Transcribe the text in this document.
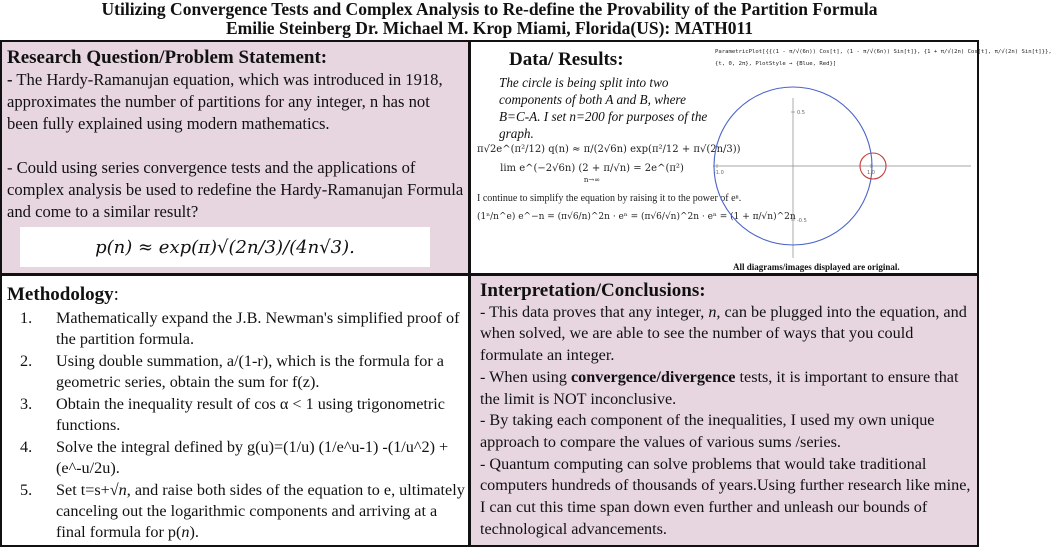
Utilizing Convergence Tests and Complex Analysis to Re-define the Provability of the Partition Formula
Emilie Steinberg Dr. Michael M. Krop Miami, Florida(US): MATH011
Research Question/Problem Statement:

- The Hardy-Ramanujan equation, which was introduced in 1918, approximates the number of partitions for any integer, n has not been fully explained using modern mathematics.

- Could using series convergence tests and the applications of complex analysis be used to redefine the Hardy-Ramanujan Formula and come to a similar result?

p(n) ≈ exp(π)√(2n/3)/(4n√3).
Data/ Results:
The circle is being split into two components of both A and B, where B=C-A. I set n=200 for purposes of the graph.
π√2e^(π²/12) q(n) ≈ π/(2√6n) exp(π²/12 + π√(2n/3))
lim e^(−2√6n) (2 + π/√n) = 2e^(π²)
n→∞
I continue to simplify the equation by raising it to the power of eⁿ.
(1ⁿ/n^e) e^−n = (π√6/n)^2n · eⁿ = (π√6/√n)^2n · eⁿ = (1 + π/√n)^2n
ParametricPlot[{{(1 - π/√(6n)) Cos[t], (1 - π/√(6n)) Sin[t]}, {1 + π/√(2n) Cos[t], π/√(2n) Sin[t]}},
{t, 0, 2π}, PlotStyle → {Blue, Red}]
0.5
-0.5
-1.0	1.0
All diagrams/images displayed are original.
Methodology:
1.	Mathematically expand the J.B. Newman's simplified proof of the partition formula.
2.	Using double summation, a/(1-r), which is the formula for a geometric series, obtain the sum for f(z).
3.	Obtain the inequality result of cos α < 1 using trigonometric functions.
4.	Solve the integral defined by g(u)=(1/u) (1/e^u-1) -(1/u^2) +(e^-u/2u).
5.	Set t=s+√n, and raise both sides of the equation to e, ultimately canceling out the logarithmic components and arriving at a final formula for p(n).
Interpretation/Conclusions:

- This data proves that any integer, n, can be plugged into the equation, and when solved, we are able to see the number of ways that you could formulate an integer.

- When using convergence/divergence tests, it is important to ensure that the limit is NOT inconclusive.

- By taking each component of the inequalities, I used my own unique approach to compare the values of various sums /series.

- Quantum computing can solve problems that would take traditional computers hundreds of thousands of years.Using further research like mine, I can cut this time span down even further and unleash our bounds of technological advancements.
